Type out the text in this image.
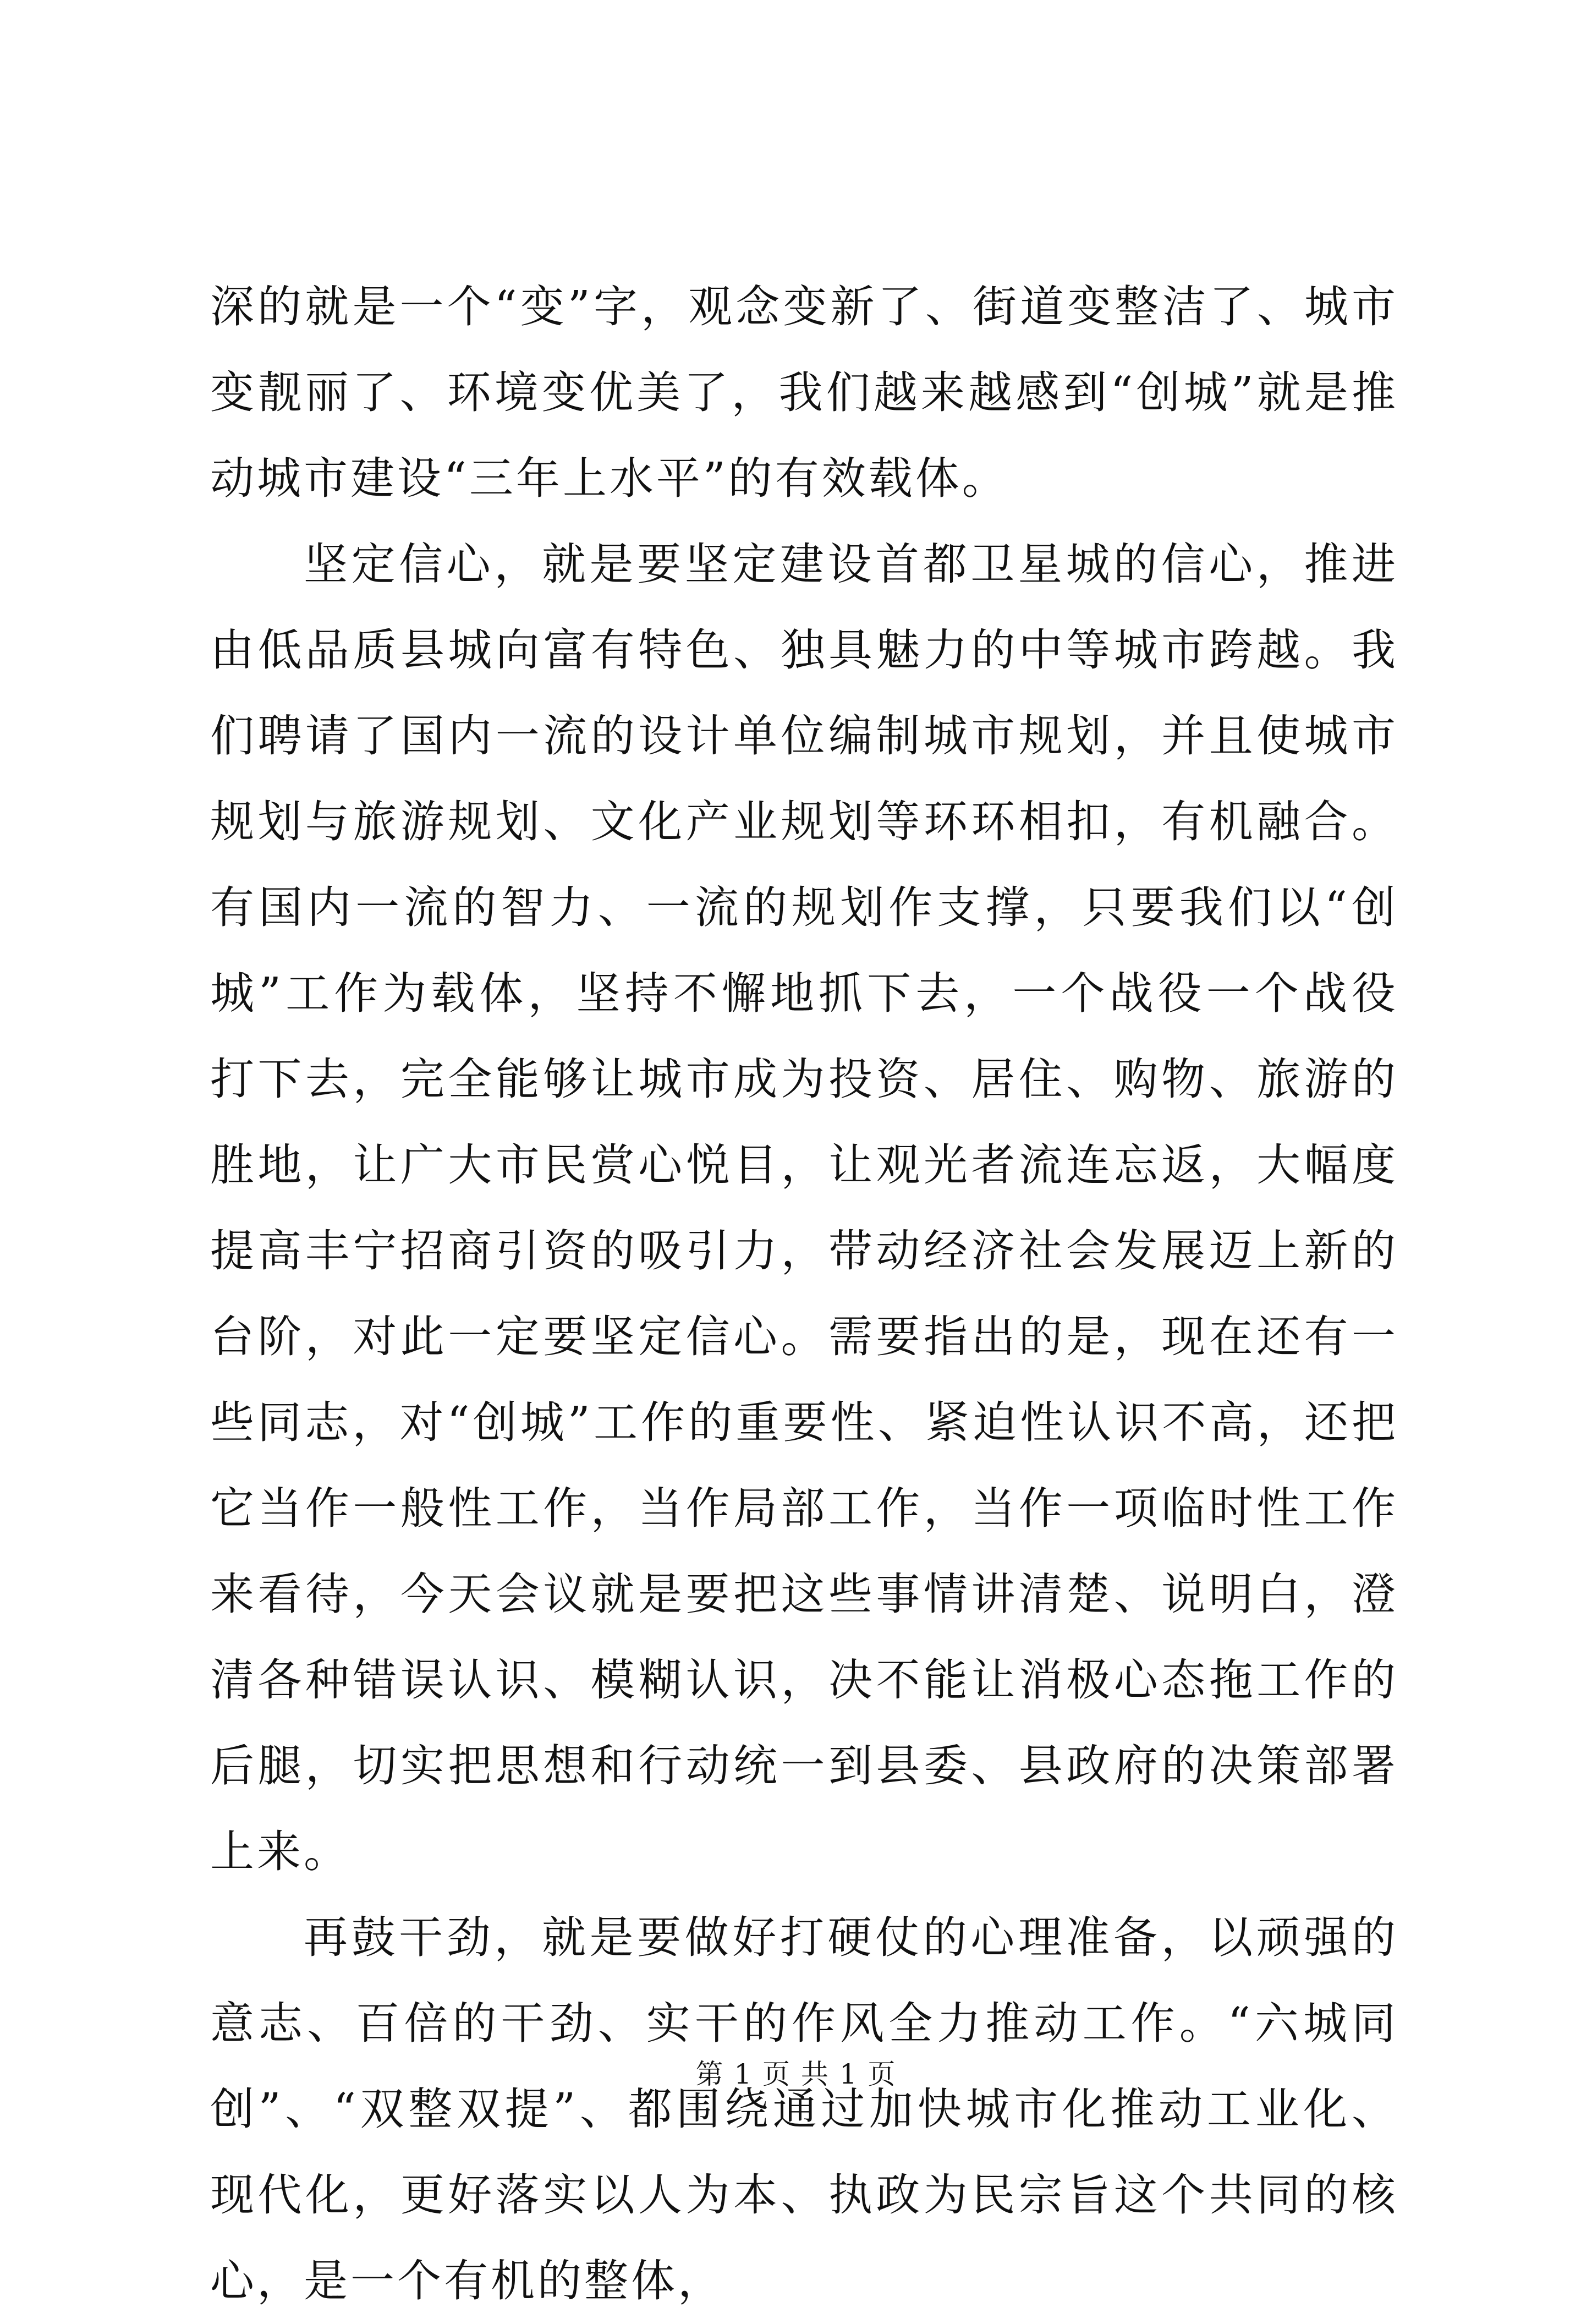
深的就是一个“变”字，观念变新了、街道变整洁了、城市变靓丽了、环境变优美了，我们越来越感到“创城”就是推动城市建设“三年上水平”的有效载体。

坚定信心，就是要坚定建设首都卫星城的信心，推进由低品质县城向富有特色、独具魅力的中等城市跨越。我们聘请了国内一流的设计单位编制城市规划，并且使城市规划与旅游规划、文化产业规划等环环相扣，有机融合。有国内一流的智力、一流的规划作支撑，只要我们以“创城”工作为载体，坚持不懈地抓下去，一个战役一个战役打下去，完全能够让城市成为投资、居住、购物、旅游的胜地，让广大市民赏心悦目，让观光者流连忘返，大幅度提高丰宁招商引资的吸引力，带动经济社会发展迈上新的台阶，对此一定要坚定信心。需要指出的是，现在还有一些同志，对“创城”工作的重要性、紧迫性认识不高，还把它当作一般性工作，当作局部工作，当作一项临时性工作来看待，今天会议就是要把这些事情讲清楚、说明白，澄清各种错误认识、模糊认识，决不能让消极心态拖工作的后腿，切实把思想和行动统一到县委、县政府的决策部署上来。

再鼓干劲，就是要做好打硬仗的心理准备，以顽强的意志、百倍的干劲、实干的作风全力推动工作。“六城同创”、“双整双提”、都围绕通过加快城市化推动工业化、现代化，更好落实以人为本、执政为民宗旨这个共同的核心，是一个有机的整体，

第 1 页 共 1 页
